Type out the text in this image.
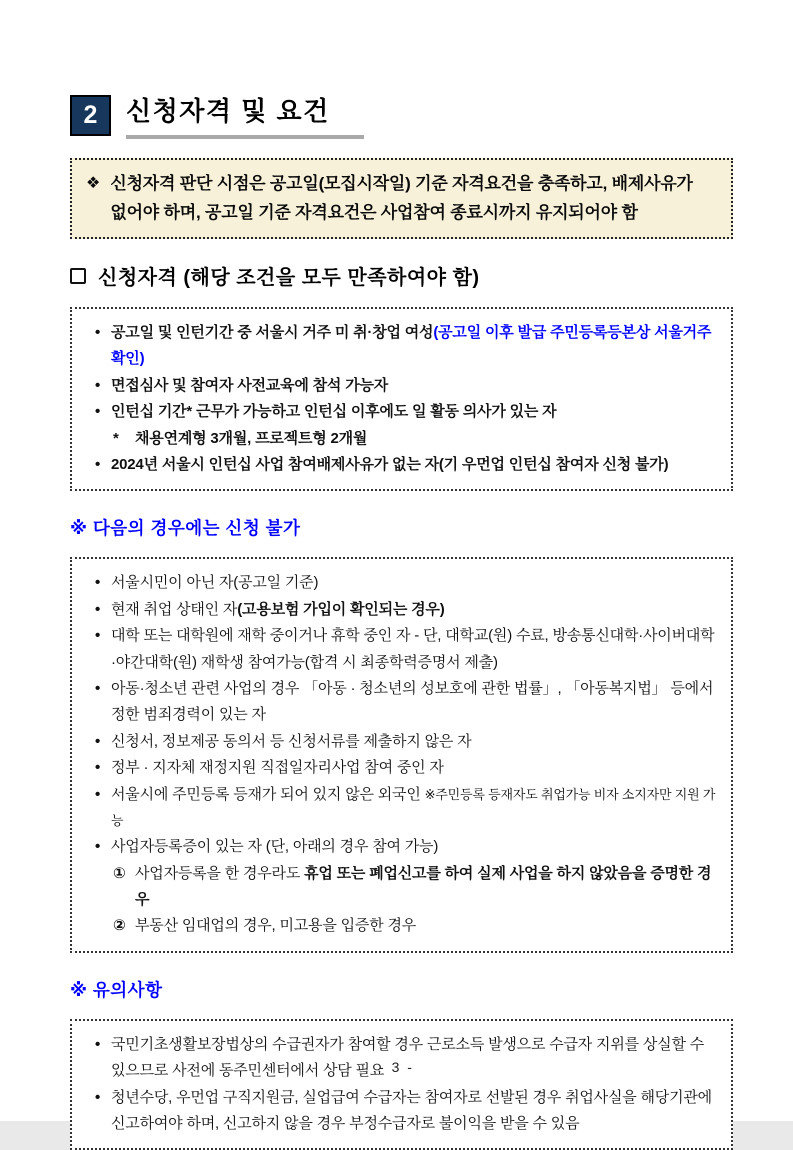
2 신청자격 및 요건
❖ 신청자격 판단 시점은 공고일(모집시작일) 기준 자격요건을 충족하고, 배제사유가
없어야 하며, 공고일 기준 자격요건은 사업참여 종료시까지 유지되어야 함
신청자격 (해당 조건을 모두 만족하여야 함)
• 공고일 및 인턴기간 중 서울시 거주 미 취·창업 여성(공고일 이후 발급 주민등록등본상 서울거주 확인)
• 면접심사 및 참여자 사전교육에 참석 가능자
• 인턴십 기간* 근무가 가능하고 인턴십 이후에도 일 활동 의사가 있는 자
*	채용연계형 3개월, 프로젝트형 2개월
• 2024년 서울시 인턴십 사업 참여배제사유가 없는 자(기 우먼업 인턴십 참여자 신청 불가)
※ 다음의 경우에는 신청 불가
• 서울시민이 아닌 자(공고일 기준)
• 현재 취업 상태인 자(고용보험 가입이 확인되는 경우)
• 대학 또는 대학원에 재학 중이거나 휴학 중인 자 - 단, 대학교(원) 수료, 방송통신대학·사이버대학·야간대학(원) 재학생 참여가능(합격 시 최종학력증명서 제출)
• 아동·청소년 관련 사업의 경우 「아동 · 청소년의 성보호에 관한 법률」, 「아동복지법」 등에서 정한 범죄경력이 있는 자
• 신청서, 정보제공 동의서 등 신청서류를 제출하지 않은 자
• 정부 · 지자체 재정지원 직접일자리사업 참여 중인 자
• 서울시에 주민등록 등재가 되어 있지 않은 외국인 ※주민등록 등재자도 취업가능 비자 소지자만 지원 가능
• 사업자등록증이 있는 자 (단, 아래의 경우 참여 가능)
① 사업자등록을 한 경우라도 휴업 또는 폐업신고를 하여 실제 사업을 하지 않았음을 증명한 경우
② 부동산 임대업의 경우, 미고용을 입증한 경우
※ 유의사항
• 국민기초생활보장법상의 수급권자가 참여할 경우 근로소득 발생으로 수급자 지위를 상실할 수 있으므로 사전에 동주민센터에서 상담 필요
• 청년수당, 우먼업 구직지원금, 실업급여 수급자는 참여자로 선발된 경우 취업사실을 해당기관에 신고하여야 하며, 신고하지 않을 경우 부정수급자로 불이익을 받을 수 있음
- 3 -
